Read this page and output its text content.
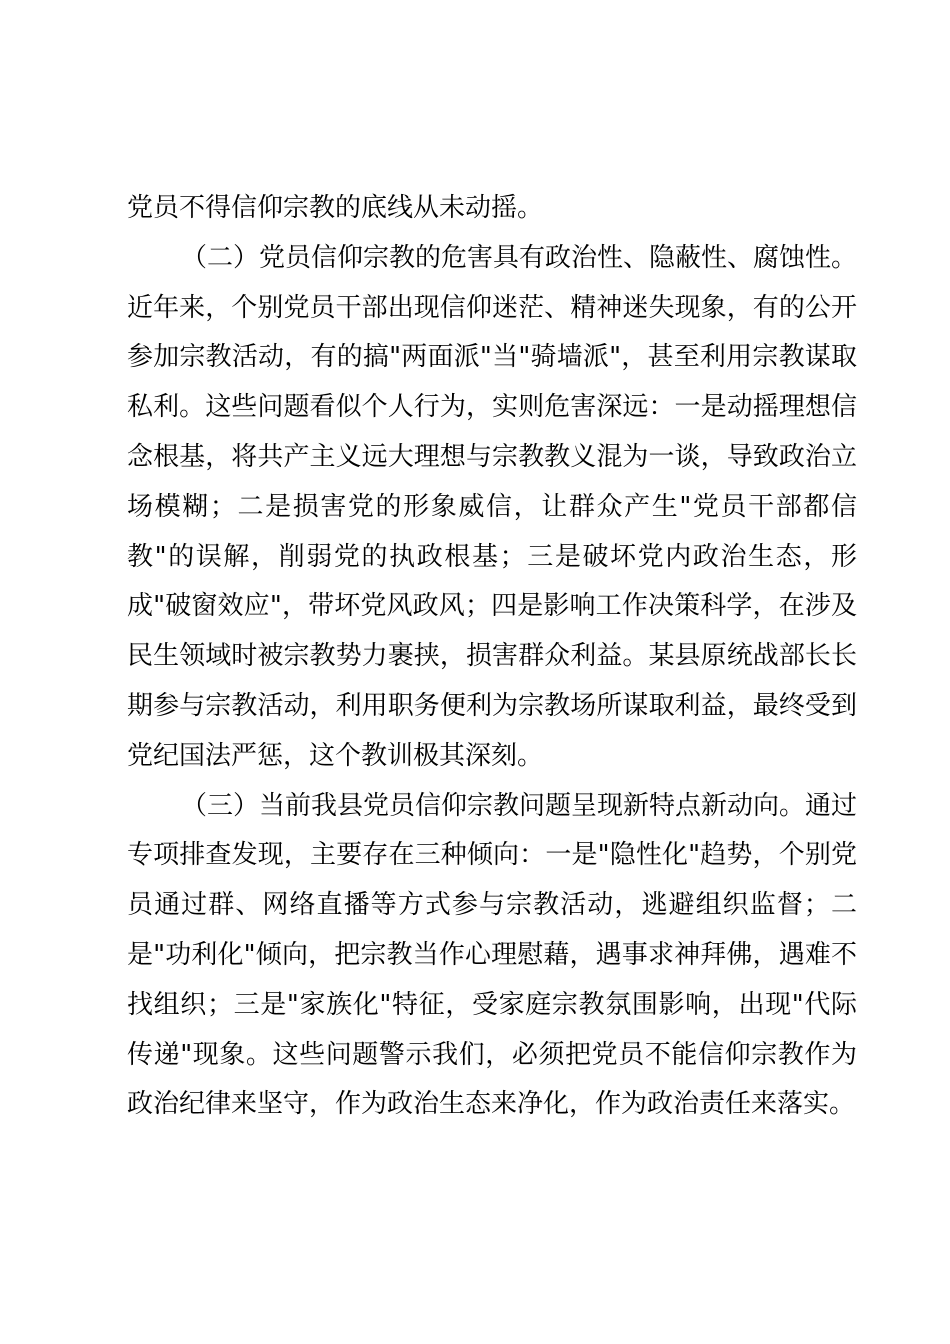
党员不得信仰宗教的底线从未动摇。

（二）党员信仰宗教的危害具有政治性、隐蔽性、腐蚀性。近年来，个别党员干部出现信仰迷茫、精神迷失现象，有的公开参加宗教活动，有的搞"两面派"当"骑墙派"，甚至利用宗教谋取私利。这些问题看似个人行为，实则危害深远：一是动摇理想信念根基，将共产主义远大理想与宗教教义混为一谈，导致政治立场模糊；二是损害党的形象威信，让群众产生"党员干部都信教"的误解，削弱党的执政根基；三是破坏党内政治生态，形成"破窗效应"，带坏党风政风；四是影响工作决策科学，在涉及民生领域时被宗教势力裹挟，损害群众利益。某县原统战部长长期参与宗教活动，利用职务便利为宗教场所谋取利益，最终受到党纪国法严惩，这个教训极其深刻。

（三）当前我县党员信仰宗教问题呈现新特点新动向。通过专项排查发现，主要存在三种倾向：一是"隐性化"趋势，个别党员通过群、网络直播等方式参与宗教活动，逃避组织监督；二是"功利化"倾向，把宗教当作心理慰藉，遇事求神拜佛，遇难不找组织；三是"家族化"特征，受家庭宗教氛围影响，出现"代际传递"现象。这些问题警示我们，必须把党员不能信仰宗教作为政治纪律来坚守，作为政治生态来净化，作为政治责任来落实。
